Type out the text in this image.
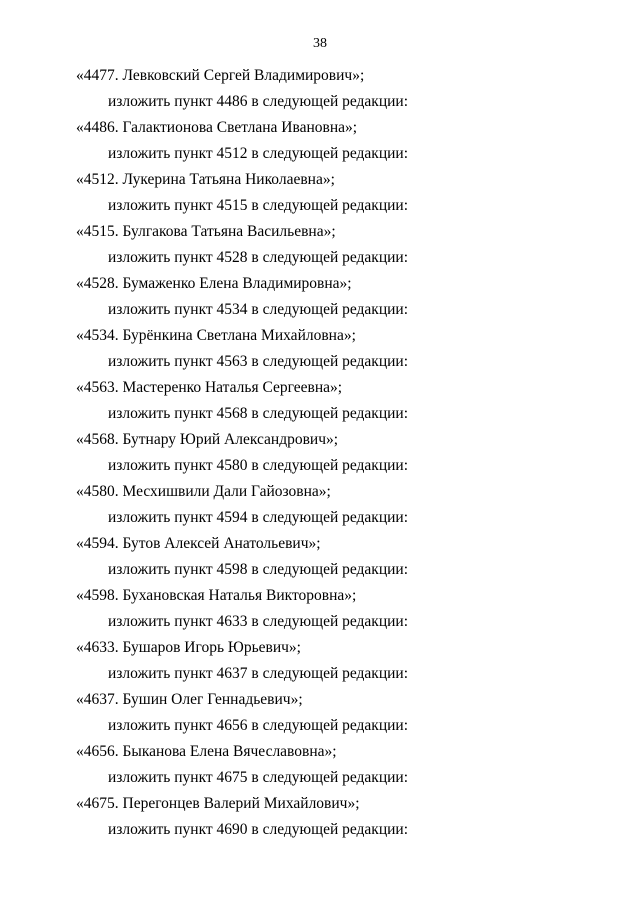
38
«4477. Левковский Сергей Владимирович»;
изложить пункт 4486 в следующей редакции:
«4486. Галактионова Светлана Ивановна»;
изложить пункт 4512 в следующей редакции:
«4512. Лукерина Татьяна Николаевна»;
изложить пункт 4515 в следующей редакции:
«4515. Булгакова Татьяна Васильевна»;
изложить пункт 4528 в следующей редакции:
«4528. Бумаженко Елена Владимировна»;
изложить пункт 4534 в следующей редакции:
«4534. Бурёнкина Светлана Михайловна»;
изложить пункт 4563 в следующей редакции:
«4563. Мастеренко Наталья Сергеевна»;
изложить пункт 4568 в следующей редакции:
«4568. Бутнару Юрий Александрович»;
изложить пункт 4580 в следующей редакции:
«4580. Месхишвили Дали Гайозовна»;
изложить пункт 4594 в следующей редакции:
«4594. Бутов Алексей Анатольевич»;
изложить пункт 4598 в следующей редакции:
«4598. Бухановская Наталья Викторовна»;
изложить пункт 4633 в следующей редакции:
«4633. Бушаров Игорь Юрьевич»;
изложить пункт 4637 в следующей редакции:
«4637. Бушин Олег Геннадьевич»;
изложить пункт 4656 в следующей редакции:
«4656. Быканова Елена Вячеславовна»;
изложить пункт 4675 в следующей редакции:
«4675. Перегонцев Валерий Михайлович»;
изложить пункт 4690 в следующей редакции:
